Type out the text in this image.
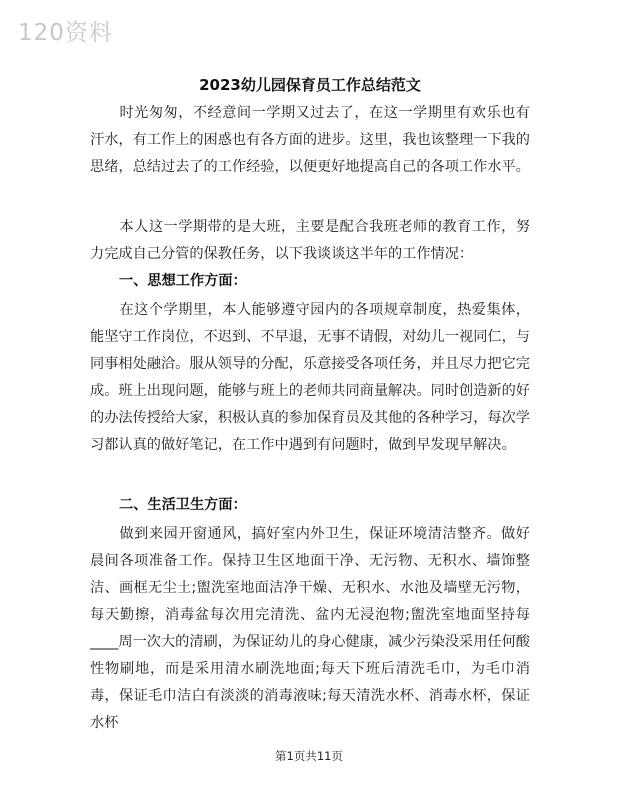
120资料
2023幼儿园保育员工作总结范文
时光匆匆，不经意间一学期又过去了，在这一学期里有欢乐也有汗水，有工作上的困惑也有各方面的进步。这里，我也该整理一下我的思绪，总结过去了的工作经验，以便更好地提高自己的各项工作水平。
本人这一学期带的是大班，主要是配合我班老师的教育工作，努力完成自己分管的保教任务，以下我谈谈这半年的工作情况：
一、思想工作方面：
在这个学期里，本人能够遵守园内的各项规章制度，热爱集体，能坚守工作岗位，不迟到、不早退，无事不请假，对幼儿一视同仁，与同事相处融洽。服从领导的分配，乐意接受各项任务，并且尽力把它完成。班上出现问题，能够与班上的老师共同商量解决。同时创造新的好的办法传授给大家，积极认真的参加保育员及其他的各种学习，每次学习都认真的做好笔记，在工作中遇到有问题时，做到早发现早解决。
二、生活卫生方面：
做到来园开窗通风，搞好室内外卫生，保证环境清洁整齐。做好晨间各项准备工作。保持卫生区地面干净、无污物、无积水、墙饰整洁、画框无尘土;盥洗室地面洁净干燥、无积水、水池及墙壁无污物，每天勤擦，消毒盆每次用完清洗、盆内无浸泡物;盥洗室地面坚持每____周一次大的清刷，为保证幼儿的身心健康，减少污染没采用任何酸性物刷地，而是采用清水刷洗地面;每天下班后清洗毛巾，为毛巾消毒，保证毛巾洁白有淡淡的消毒液味;每天清洗水杯、消毒水杯，保证水杯
第1页共11页
